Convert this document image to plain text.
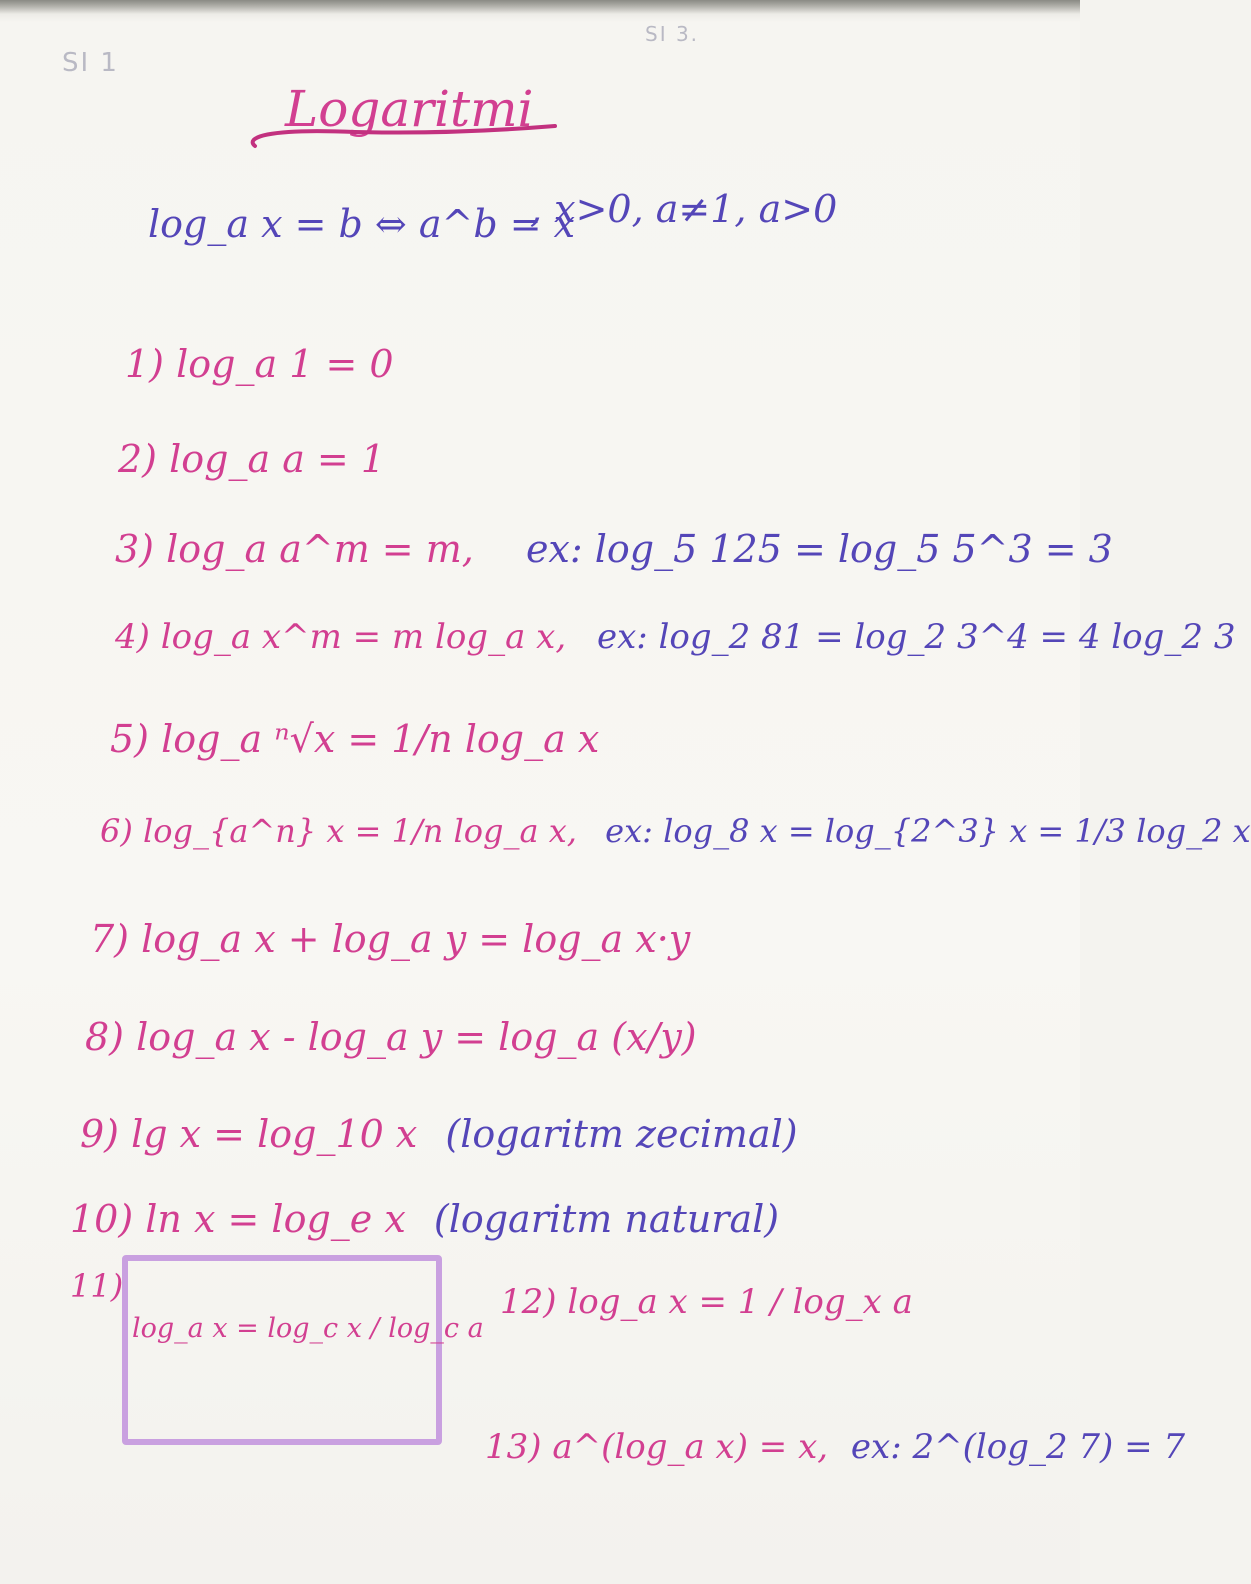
SI 1
SI 3.
Logaritmi
log_a x = b ⇔ a^b = x
, x>0, a≠1, a>0
1) log_a 1 = 0
2) log_a a = 1
3) log_a a^m = m, ex: log_5 125 = log_5 5^3 = 3
4) log_a x^m = m log_a x, ex: log_2 81 = log_2 3^4 = 4 log_2 3
5) log_a ⁿ√x = 1/n log_a x
6) log_{a^n} x = 1/n log_a x, ex: log_8 x = log_{2^3} x = 1/3 log_2 x
7) log_a x + log_a y = log_a x·y
8) log_a x - log_a y = log_a (x/y)
9) lg x = log_10 x (logaritm zecimal)
10) ln x = log_e x (logaritm natural)
11)
log_a x = log_c x / log_c a
12) log_a x = 1 / log_x a
13) a^(log_a x) = x, ex: 2^(log_2 7) = 7
